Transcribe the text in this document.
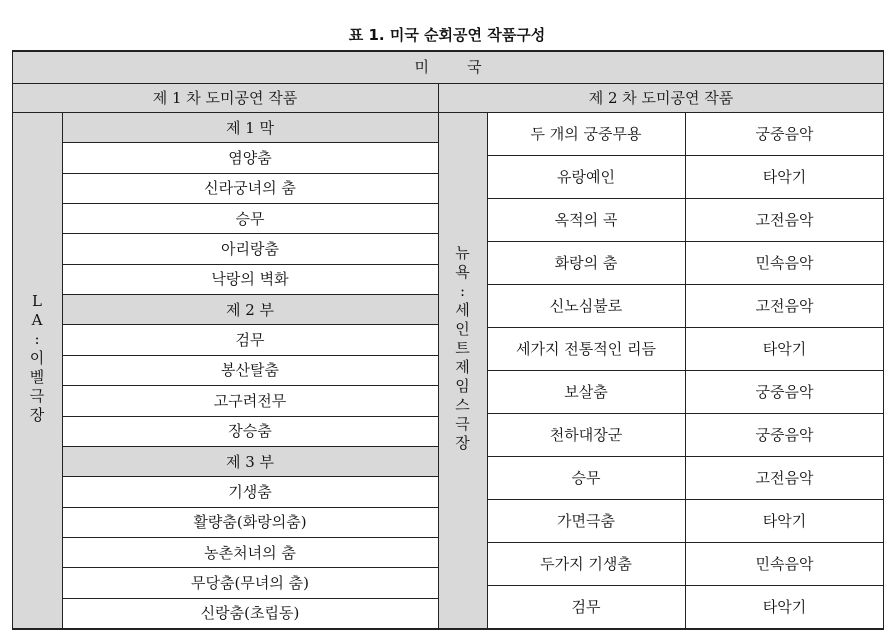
표 1. 미국 순회공연 작품구성
미        국
제 1 차 도미공연 작품	제 2 차 도미공연 작품
L
A
:
이
벨
극
장
뉴
욕
:
세
인
트
제
임
스
극
장
제 1 막
염양춤
신라궁녀의 춤
승무
아리랑춤
낙랑의 벽화
제 2 부
검무
봉산탈춤
고구려전무
장승춤
제 3 부
기생춤
활량춤(화랑의춤)
농촌처녀의 춤
무당춤(무녀의 춤)
신랑춤(초립동)
두 개의 궁중무용	궁중음악
유랑예인	타악기
옥적의 곡	고전음악
화랑의 춤	민속음악
신노심불로	고전음악
세가지 전통적인 리듬	타악기
보살춤	궁중음악
천하대장군	궁중음악
승무	고전음악
가면극춤	타악기
두가지 기생춤	민속음악
검무	타악기
